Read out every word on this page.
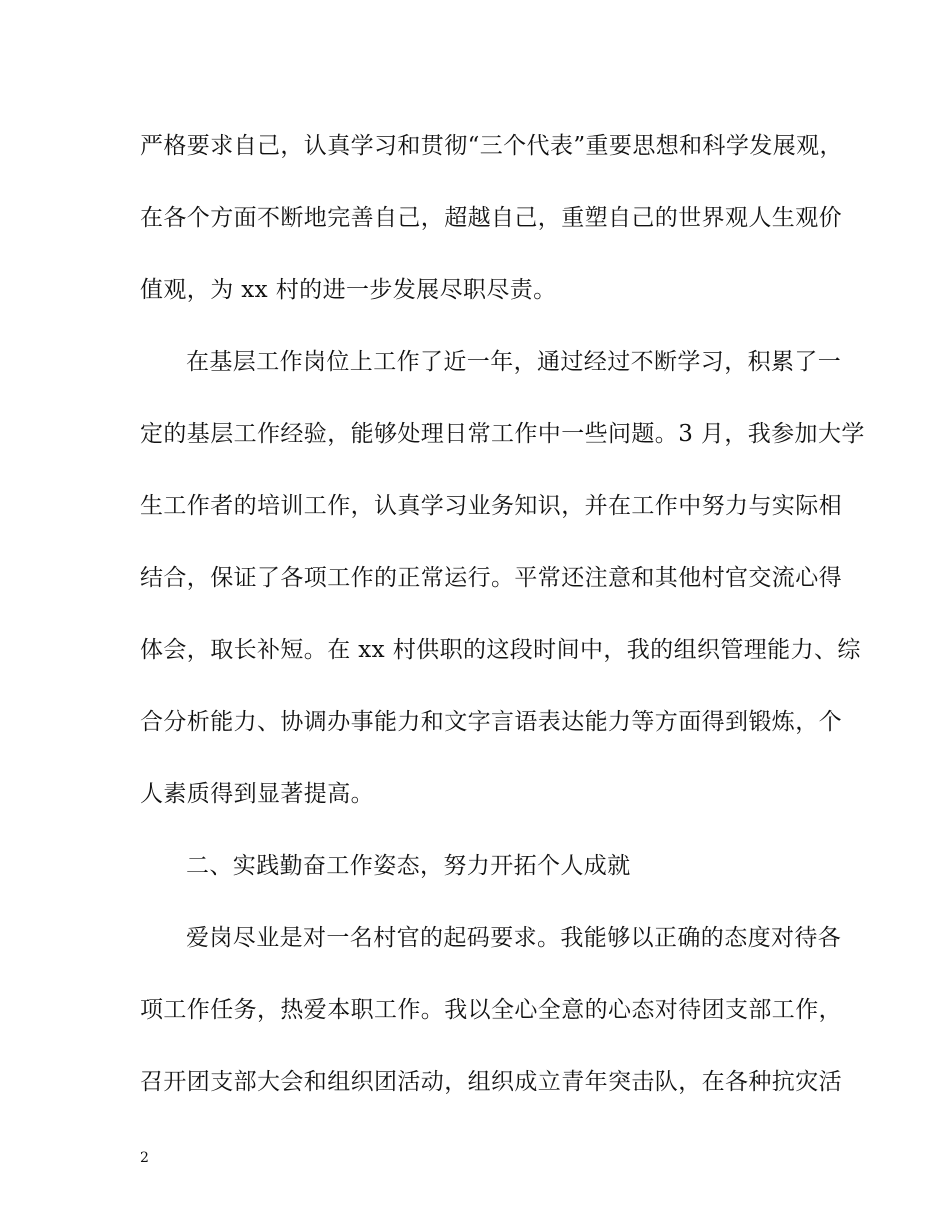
严格要求自己，认真学习和贯彻“三个代表”重要思想和科学发展观，
在各个方面不断地完善自己，超越自己，重塑自己的世界观人生观价
值观，为 xx 村的进一步发展尽职尽责。
在基层工作岗位上工作了近一年，通过经过不断学习，积累了一
定的基层工作经验，能够处理日常工作中一些问题。3 月，我参加大学
生工作者的培训工作，认真学习业务知识，并在工作中努力与实际相
结合，保证了各项工作的正常运行。平常还注意和其他村官交流心得
体会，取长补短。在 xx 村供职的这段时间中，我的组织管理能力、综
合分析能力、协调办事能力和文字言语表达能力等方面得到锻炼，个
人素质得到显著提高。
二、实践勤奋工作姿态，努力开拓个人成就
爱岗尽业是对一名村官的起码要求。我能够以正确的态度对待各
项工作任务，热爱本职工作。我以全心全意的心态对待团支部工作，
召开团支部大会和组织团活动，组织成立青年突击队，在各种抗灾活
2
